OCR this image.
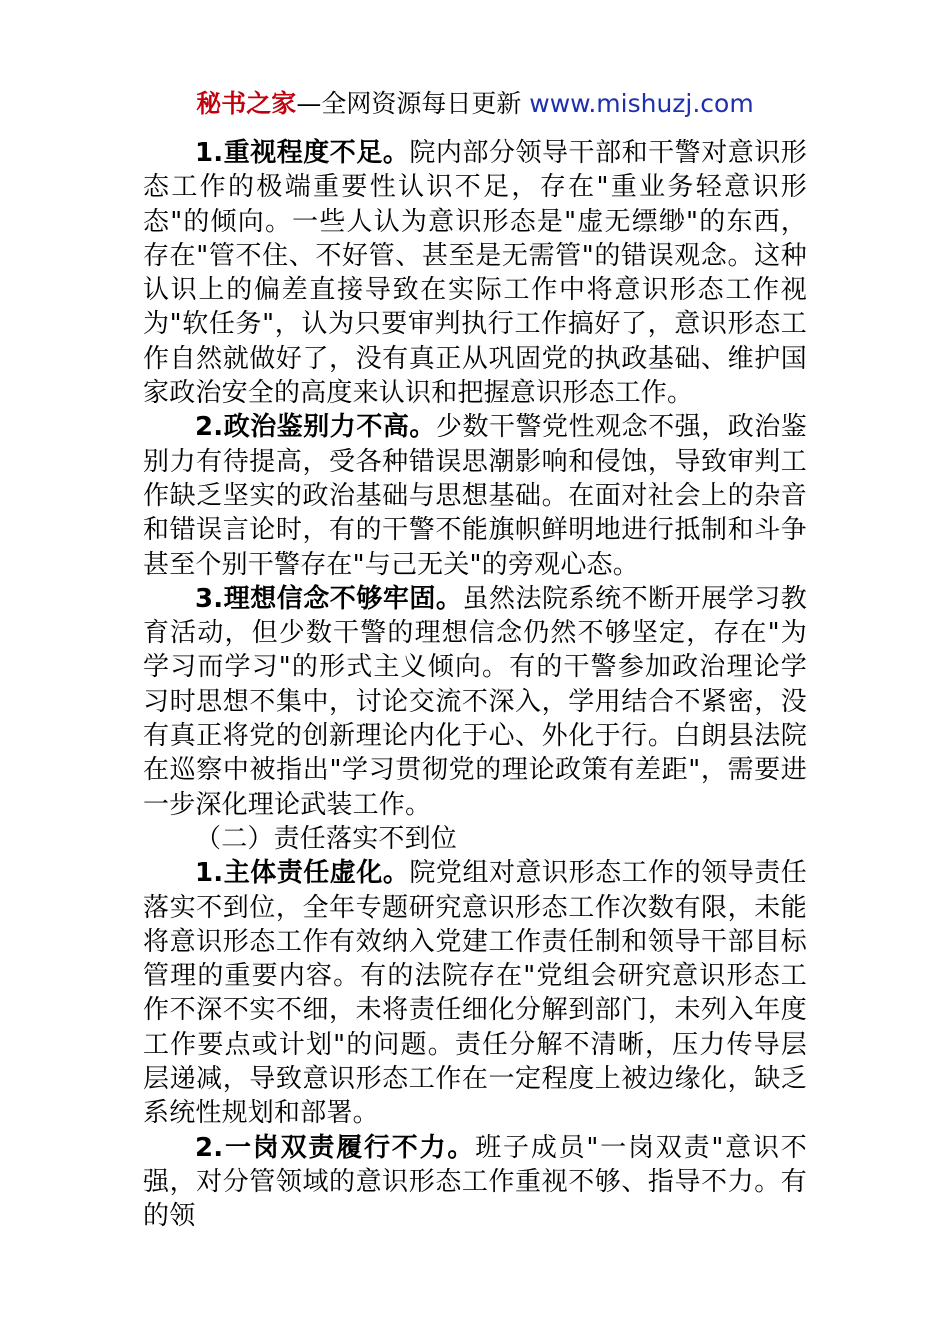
秘书之家—全网资源每日更新 www.mishuzj.com

1.重视程度不足。院内部分领导干部和干警对意识形态工作的极端重要性认识不足，存在"重业务轻意识形态"的倾向。一些人认为意识形态是"虚无缥缈"的东西，存在"管不住、不好管、甚至是无需管"的错误观念。这种认识上的偏差直接导致在实际工作中将意识形态工作视为"软任务"，认为只要审判执行工作搞好了，意识形态工作自然就做好了，没有真正从巩固党的执政基础、维护国家政治安全的高度来认识和把握意识形态工作。

2.政治鉴别力不高。少数干警党性观念不强，政治鉴别力有待提高，受各种错误思潮影响和侵蚀，导致审判工作缺乏坚实的政治基础与思想基础。在面对社会上的杂音和错误言论时，有的干警不能旗帜鲜明地进行抵制和斗争甚至个别干警存在"与己无关"的旁观心态。

3.理想信念不够牢固。虽然法院系统不断开展学习教育活动，但少数干警的理想信念仍然不够坚定，存在"为学习而学习"的形式主义倾向。有的干警参加政治理论学习时思想不集中，讨论交流不深入，学用结合不紧密，没有真正将党的创新理论内化于心、外化于行。白朗县法院在巡察中被指出"学习贯彻党的理论政策有差距"，需要进一步深化理论武装工作。

（二）责任落实不到位

1.主体责任虚化。院党组对意识形态工作的领导责任落实不到位，全年专题研究意识形态工作次数有限，未能将意识形态工作有效纳入党建工作责任制和领导干部目标管理的重要内容。有的法院存在"党组会研究意识形态工作不深不实不细，未将责任细化分解到部门，未列入年度工作要点或计划"的问题。责任分解不清晰，压力传导层层递减，导致意识形态工作在一定程度上被边缘化，缺乏系统性规划和部署。

2.一岗双责履行不力。班子成员"一岗双责"意识不强，对分管领域的意识形态工作重视不够、指导不力。有的领
